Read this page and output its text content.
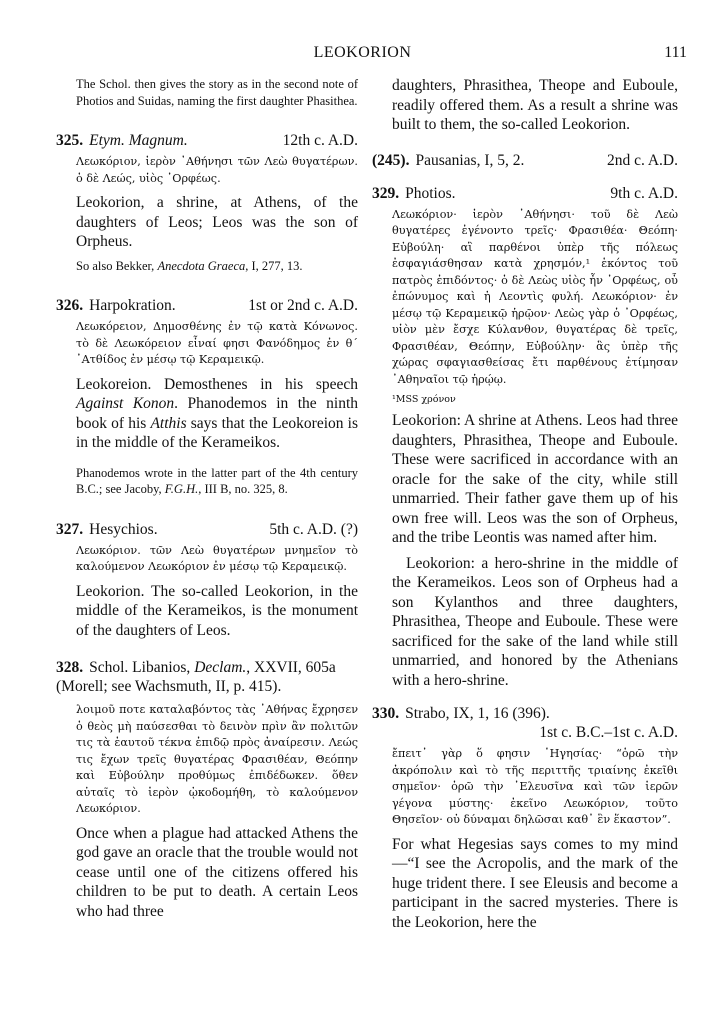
LEOKORION	111

The Schol. then gives the story as in the second note of Photios and Suidas, naming the first daughter Phasithea.

325. Etym. Magnum.	12th c. A.D.

Λεωκόριον, ἱερὸν ᾿Αθήνησι τῶν Λεὼ θυγατέρων. ὁ δὲ Λεώς, υἱὸς ᾿Ορφέως.

Leokorion, a shrine, at Athens, of the daughters of Leos; Leos was the son of Orpheus.

So also Bekker, Anecdota Graeca, I, 277, 13.

326. Harpokration.	1st or 2nd c. A.D.

Λεωκόρειον, Δημοσθένης ἐν τῷ κατὰ Κόνωνος. τὸ δὲ Λεωκόρειον εἶναί φησι Φανόδημος ἐν θ΄ ᾿Ατθίδος ἐν μέσῳ τῷ Κεραμεικῷ.

Leokoreion. Demosthenes in his speech Against Konon. Phanodemos in the ninth book of his Atthis says that the Leokoreion is in the middle of the Kerameikos.

Phanodemos wrote in the latter part of the 4th century B.C.; see Jacoby, F.G.H., III B, no. 325, 8.

327. Hesychios.	5th c. A.D. (?)

Λεωκόριον. τῶν Λεὼ θυγατέρων μνημεῖον τὸ καλούμενον Λεωκόριον ἐν μέσῳ τῷ Κεραμεικῷ.

Leokorion. The so-called Leokorion, in the middle of the Kerameikos, is the monument of the daughters of Leos.

328. Schol. Libanios, Declam., XXVII, 605a (Morell; see Wachsmuth, II, p. 415).

λοιμοῦ ποτε καταλαβόντος τὰς ᾿Αθήνας ἔχρησεν ὁ θεὸς μὴ παύσεσθαι τὸ δεινὸν πρὶν ἂν πολιτῶν τις τὰ ἑαυτοῦ τέκνα ἐπιδῷ πρὸς ἀναίρεσιν. Λεώς τις ἔχων τρεῖς θυγατέρας Φρασιθέαν, Θεόπην καὶ Εὐβούλην προθύμως ἐπιδέδωκεν. ὅθεν αὐταῖς τὸ ἱερὸν ᾠκοδομήθη, τὸ καλούμενον Λεωκόριον.

Once when a plague had attacked Athens the god gave an oracle that the trouble would not cease until one of the citizens offered his children to be put to death. A certain Leos who had three

daughters, Phrasithea, Theope and Euboule, readily offered them. As a result a shrine was built to them, the so-called Leokorion.

(245). Pausanias, I, 5, 2.	2nd c. A.D.
329. Photios.	9th c. A.D.

Λεωκόριον· ἱερὸν ᾿Αθήνησι· τοῦ δὲ Λεὼ θυγατέρες ἐγένοντο τρεῖς· Φρασιθέα· Θεόπη· Εὐβούλη· αἳ παρθένοι ὑπὲρ τῆς πόλεως ἐσφαγιάσθησαν κατὰ χρησμόν,¹ ἑκόντος τοῦ πατρὸς ἐπιδόντος· ὁ δὲ Λεὼς υἱὸς ἦν ᾿Ορφέως, οὗ ἐπώνυμος καὶ ἡ Λεοντὶς φυλή. Λεωκόριον· ἐν μέσῳ τῷ Κεραμεικῷ ἡρῷον· Λεὼς γὰρ ὁ ᾿Ορφέως, υἱὸν μὲν ἔσχε Κύλανθον, θυγατέρας δὲ τρεῖς, Φρασιθέαν, Θεόπην, Εὐβούλην· ἃς ὑπὲρ τῆς χώρας σφαγιασθείσας ἔτι παρθένους ἐτίμησαν ᾿Αθηναῖοι τῷ ἡρῴῳ.

¹MSS χρόνον

Leokorion: A shrine at Athens. Leos had three daughters, Phrasithea, Theope and Euboule. These were sacrificed in accordance with an oracle for the sake of the city, while still unmarried. Their father gave them up of his own free will. Leos was the son of Orpheus, and the tribe Leontis was named after him.

Leokorion: a hero-shrine in the middle of the Kerameikos. Leos son of Orpheus had a son Kylanthos and three daughters, Phrasithea, Theope and Euboule. These were sacrificed for the sake of the land while still unmarried, and honored by the Athenians with a hero-shrine.

330. Strabo, IX, 1, 16 (396).
1st c. B.C.–1st c. A.D.

ἔπειτ᾽ γὰρ ὅ φησιν ῾Ηγησίας· “ὁρῶ τὴν ἀκρόπολιν καὶ τὸ τῆς περιττῆς τριαίνης ἐκεῖθι σημεῖον· ὁρῶ τὴν ᾿Ελευσῖνα καὶ τῶν ἱερῶν γέγονα μύστης· ἐκεῖνο Λεωκόριον, τοῦτο Θησεῖον· οὐ δύναμαι δηλῶσαι καθ᾽ ἓν ἕκαστον”.

For what Hegesias says comes to my mind—“I see the Acropolis, and the mark of the huge trident there. I see Eleusis and become a participant in the sacred mysteries. There is the Leokorion, here the
